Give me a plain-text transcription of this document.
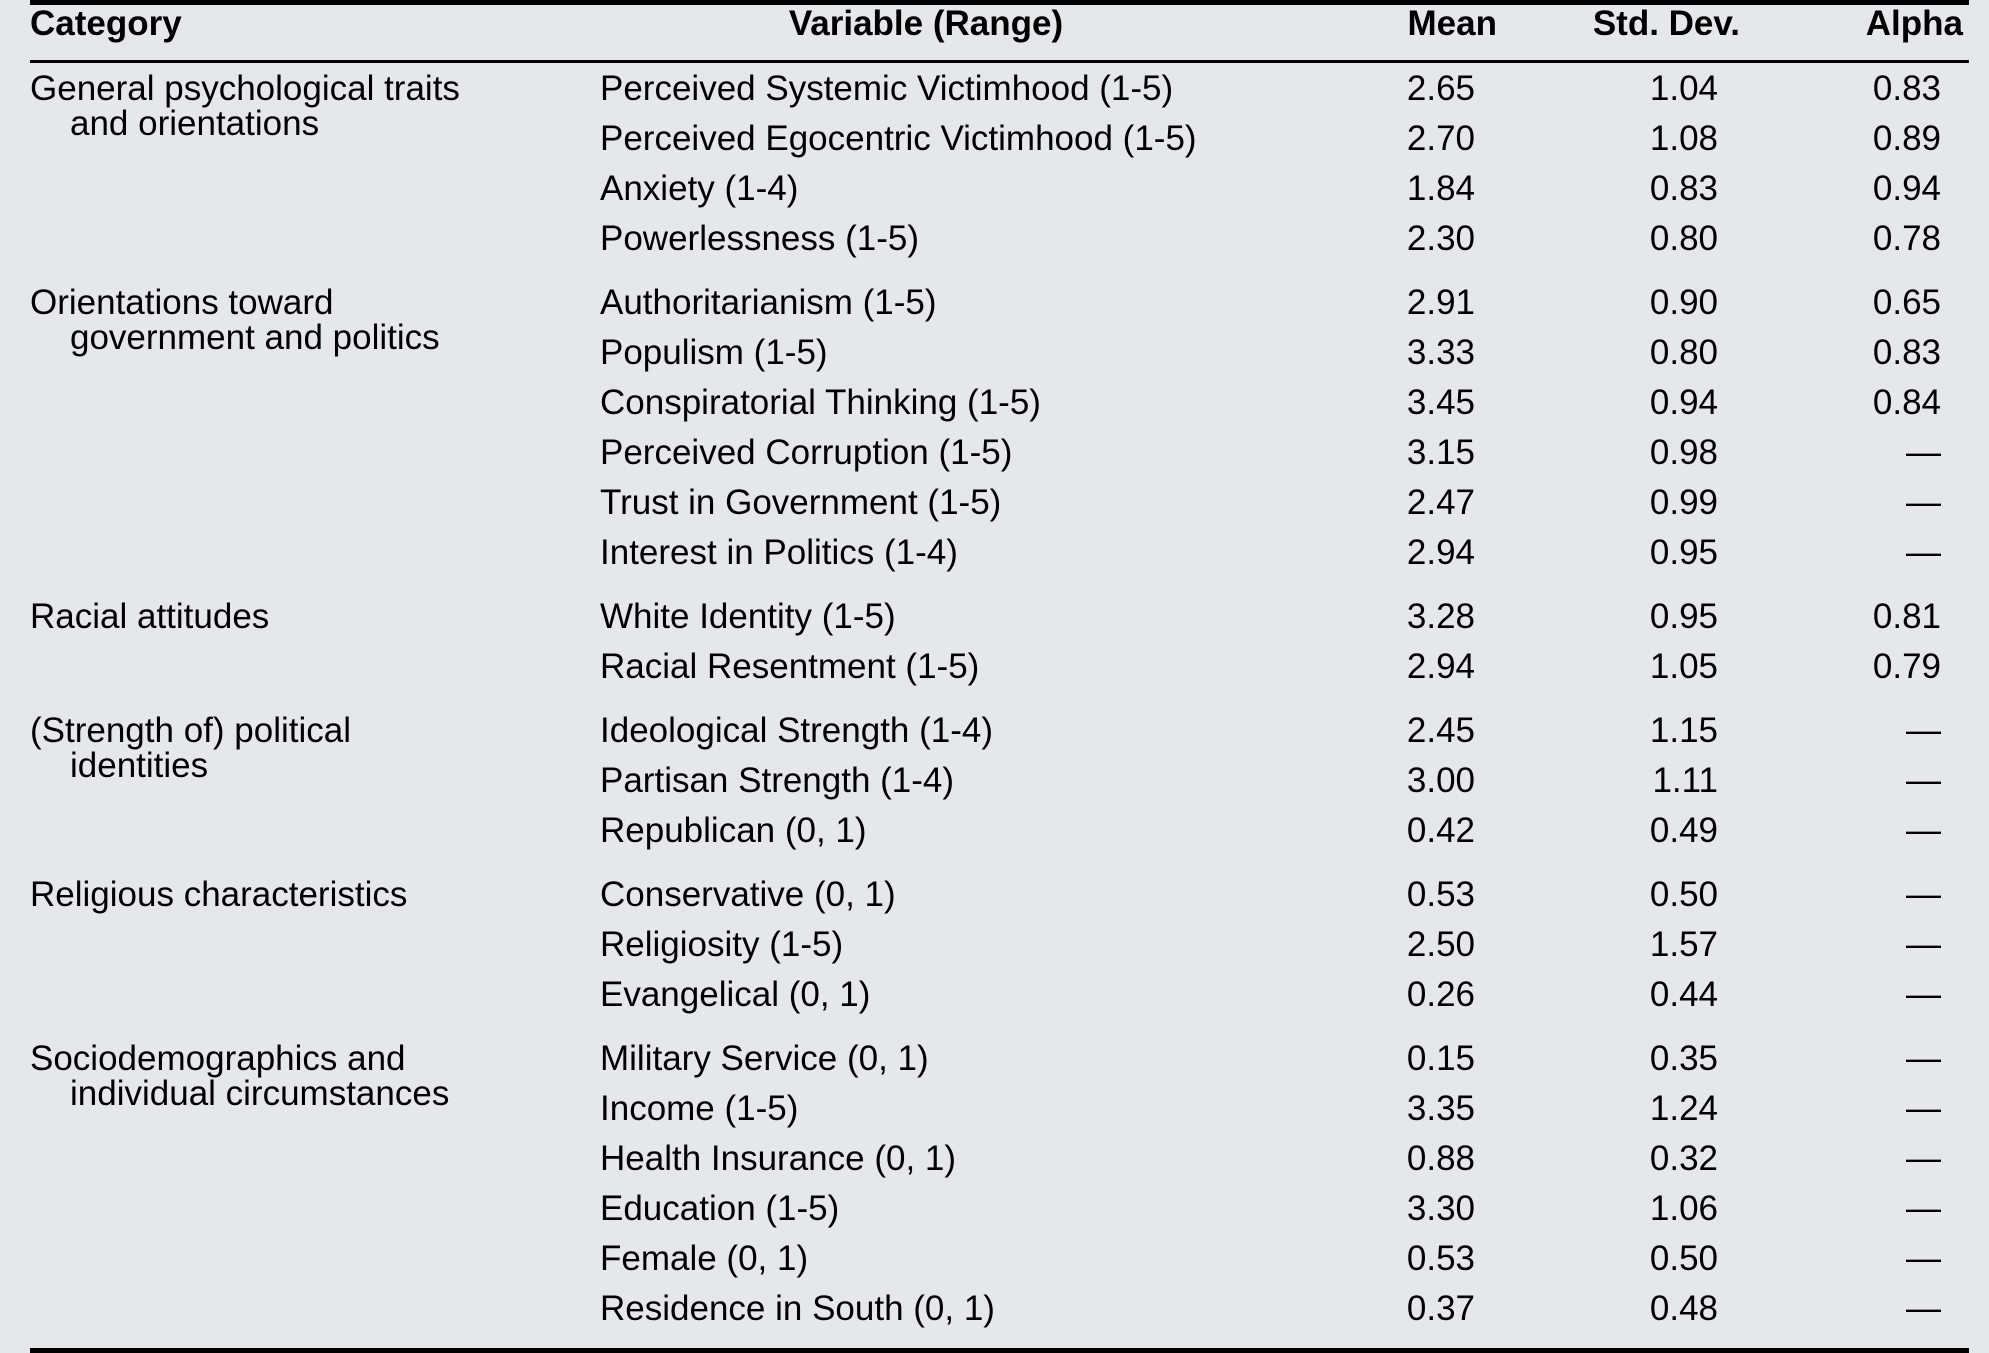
Category	Variable (Range)	Mean	Std. Dev.	Alpha
General psychological traits
and orientations	Perceived Systemic Victimhood (1-5)	2.65	1.04	0.83
	Perceived Egocentric Victimhood (1-5)	2.70	1.08	0.89
	Anxiety (1-4)	1.84	0.83	0.94
	Powerlessness (1-5)	2.30	0.80	0.78
Orientations toward
government and politics	Authoritarianism (1-5)	2.91	0.90	0.65
	Populism (1-5)	3.33	0.80	0.83
	Conspiratorial Thinking (1-5)	3.45	0.94	0.84
	Perceived Corruption (1-5)	3.15	0.98	—
	Trust in Government (1-5)	2.47	0.99	—
	Interest in Politics (1-4)	2.94	0.95	—
Racial attitudes	White Identity (1-5)	3.28	0.95	0.81
	Racial Resentment (1-5)	2.94	1.05	0.79
(Strength of) political
identities	Ideological Strength (1-4)	2.45	1.15	—
	Partisan Strength (1-4)	3.00	1.11	—
	Republican (0, 1)	0.42	0.49	—
Religious characteristics	Conservative (0, 1)	0.53	0.50	—
	Religiosity (1-5)	2.50	1.57	—
	Evangelical (0, 1)	0.26	0.44	—
Sociodemographics and
individual circumstances	Military Service (0, 1)	0.15	0.35	—
	Income (1-5)	3.35	1.24	—
	Health Insurance (0, 1)	0.88	0.32	—
	Education (1-5)	3.30	1.06	—
	Female (0, 1)	0.53	0.50	—
	Residence in South (0, 1)	0.37	0.48	—
